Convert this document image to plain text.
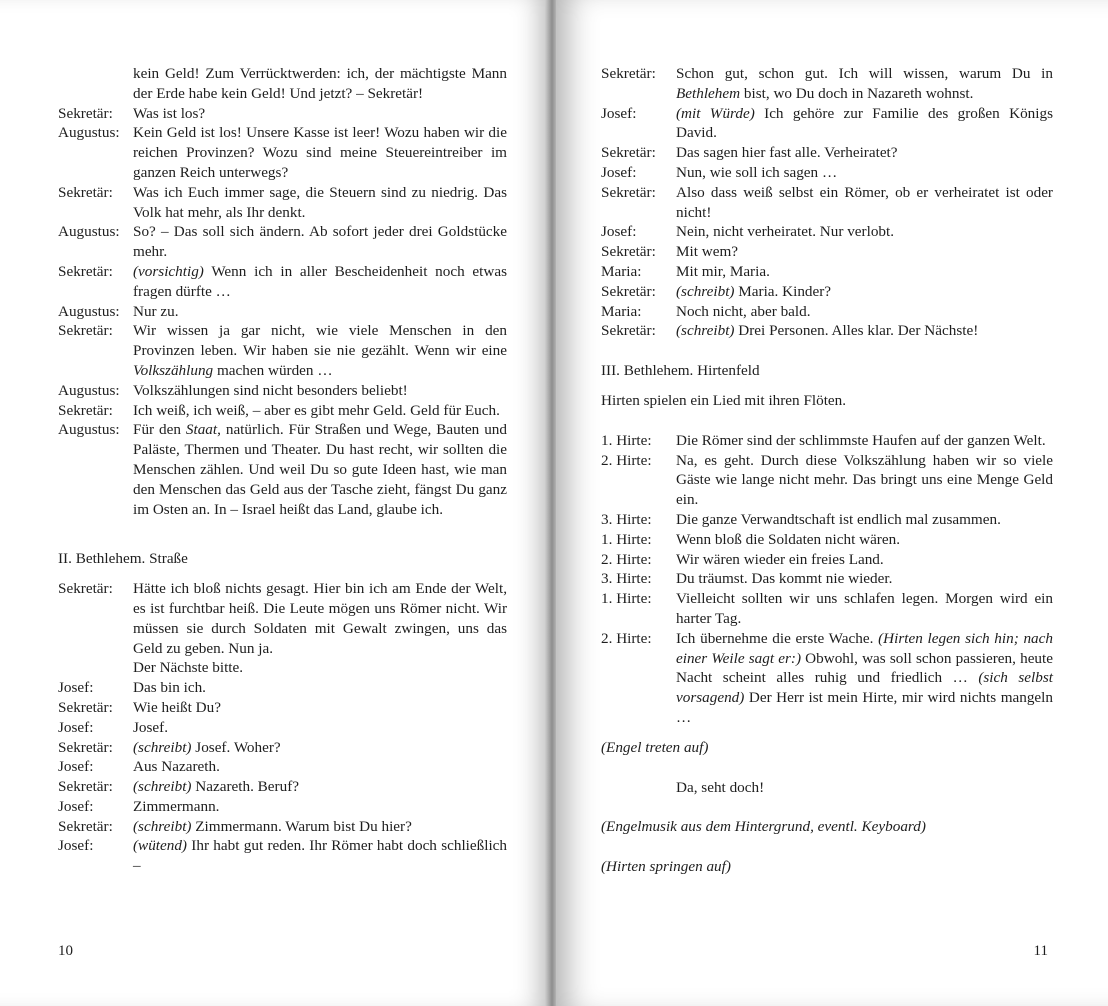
kein Geld! Zum Verrücktwerden: ich, der mächtigste Mann der Erde habe kein Geld! Und jetzt? – Sekretär!
Sekretär:	Was ist los?
Augustus: Kein Geld ist los! Unsere Kasse ist leer! Wozu haben wir die reichen Provinzen? Wozu sind meine Steuereintreiber im ganzen Reich unterwegs?
Sekretär:	Was ich Euch immer sage, die Steuern sind zu niedrig. Das Volk hat mehr, als Ihr denkt.
Augustus: So? – Das soll sich ändern. Ab sofort jeder drei Goldstücke mehr.
Sekretär:	(vorsichtig) Wenn ich in aller Bescheidenheit noch etwas fragen dürfte …
Augustus: Nur zu.
Sekretär:	Wir wissen ja gar nicht, wie viele Menschen in den Provinzen leben. Wir haben sie nie gezählt. Wenn wir eine Volkszählung machen würden …
Augustus: Volkszählungen sind nicht besonders beliebt!
Sekretär:	Ich weiß, ich weiß, – aber es gibt mehr Geld. Geld für Euch.
Augustus: Für den Staat, natürlich. Für Straßen und Wege, Bauten und Paläste, Thermen und Theater. Du hast recht, wir sollten die Menschen zählen. Und weil Du so gute Ideen hast, wie man den Menschen das Geld aus der Tasche zieht, fängst Du ganz im Osten an. In – Israel heißt das Land, glaube ich.
II. Bethlehem. Straße
Sekretär:	Hätte ich bloß nichts gesagt. Hier bin ich am Ende der Welt, es ist furchtbar heiß. Die Leute mögen uns Römer nicht. Wir müssen sie durch Soldaten mit Gewalt zwingen, uns das Geld zu geben. Nun ja.
Der Nächste bitte.
Josef:	Das bin ich.
Sekretär:	Wie heißt Du?
Josef:	Josef.
Sekretär:	(schreibt) Josef. Woher?
Josef:	Aus Nazareth.
Sekretär:	(schreibt) Nazareth. Beruf?
Josef:	Zimmermann.
Sekretär:	(schreibt) Zimmermann. Warum bist Du hier?
Josef:	(wütend) Ihr habt gut reden. Ihr Römer habt doch schließlich –
10
Sekretär:	Schon gut, schon gut. Ich will wissen, warum Du in Bethlehem bist, wo Du doch in Nazareth wohnst.
Josef:	(mit Würde) Ich gehöre zur Familie des großen Königs David.
Sekretär:	Das sagen hier fast alle. Verheiratet?
Josef:	Nun, wie soll ich sagen …
Sekretär:	Also dass weiß selbst ein Römer, ob er verheiratet ist oder nicht!
Josef:	Nein, nicht verheiratet. Nur verlobt.
Sekretär:	Mit wem?
Maria:	Mit mir, Maria.
Sekretär:	(schreibt) Maria. Kinder?
Maria:	Noch nicht, aber bald.
Sekretär:	(schreibt) Drei Personen. Alles klar. Der Nächste!
III. Bethlehem. Hirtenfeld
Hirten spielen ein Lied mit ihren Flöten.
1. Hirte:	Die Römer sind der schlimmste Haufen auf der ganzen Welt.
2. Hirte:	Na, es geht. Durch diese Volkszählung haben wir so viele Gäste wie lange nicht mehr. Das bringt uns eine Menge Geld ein.
3. Hirte:	Die ganze Verwandtschaft ist endlich mal zusammen.
1. Hirte:	Wenn bloß die Soldaten nicht wären.
2. Hirte:	Wir wären wieder ein freies Land.
3. Hirte:	Du träumst. Das kommt nie wieder.
1. Hirte:	Vielleicht sollten wir uns schlafen legen. Morgen wird ein harter Tag.
2. Hirte:	Ich übernehme die erste Wache. (Hirten legen sich hin; nach einer Weile sagt er:) Obwohl, was soll schon passieren, heute Nacht scheint alles ruhig und friedlich … (sich selbst vorsagend) Der Herr ist mein Hirte, mir wird nichts mangeln …
(Engel treten auf)
Da, seht doch!
(Engelmusik aus dem Hintergrund, eventl. Keyboard)
(Hirten springen auf)
11
